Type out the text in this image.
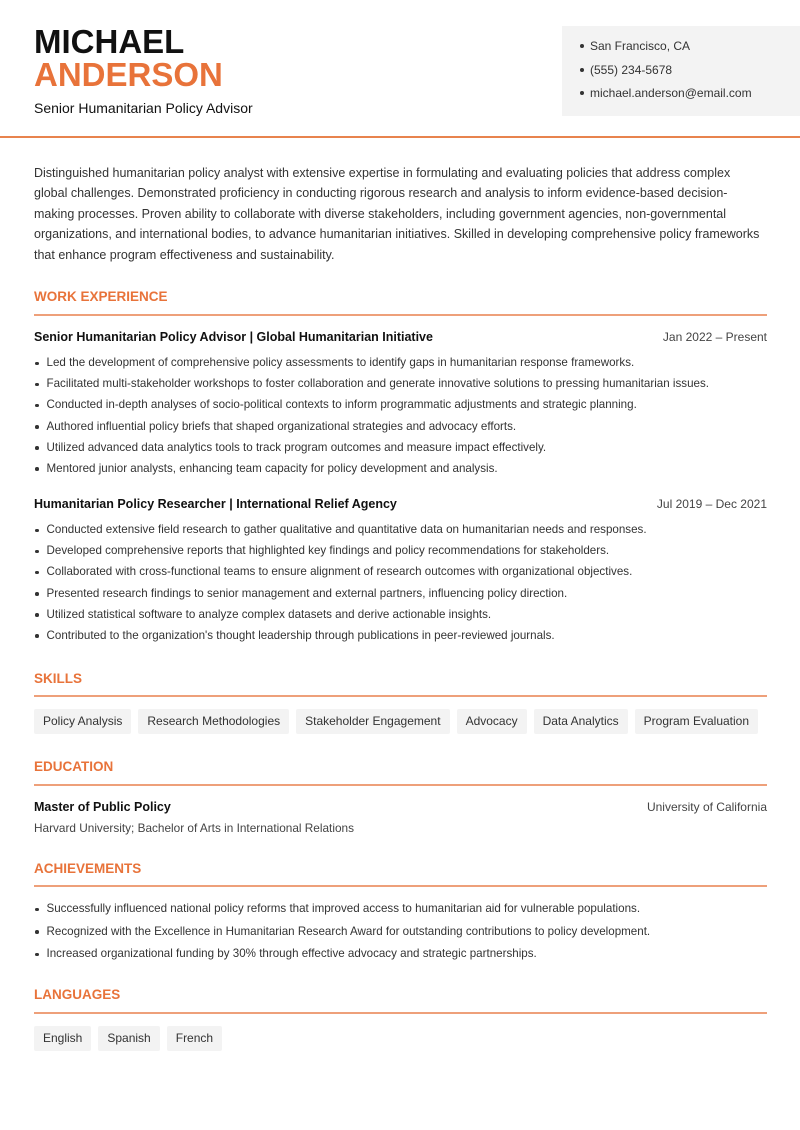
MICHAEL
ANDERSON
Senior Humanitarian Policy Advisor
San Francisco, CA
(555) 234-5678
michael.anderson@email.com

Distinguished humanitarian policy analyst with extensive expertise in formulating and evaluating policies that address complex global challenges. Demonstrated proficiency in conducting rigorous research and analysis to inform evidence-based decision-making processes. Proven ability to collaborate with diverse stakeholders, including government agencies, non-governmental organizations, and international bodies, to advance humanitarian initiatives. Skilled in developing comprehensive policy frameworks that enhance program effectiveness and sustainability.

WORK EXPERIENCE
Senior Humanitarian Policy Advisor | Global Humanitarian Initiative	Jan 2022 – Present
Led the development of comprehensive policy assessments to identify gaps in humanitarian response frameworks.
Facilitated multi-stakeholder workshops to foster collaboration and generate innovative solutions to pressing humanitarian issues.
Conducted in-depth analyses of socio-political contexts to inform programmatic adjustments and strategic planning.
Authored influential policy briefs that shaped organizational strategies and advocacy efforts.
Utilized advanced data analytics tools to track program outcomes and measure impact effectively.
Mentored junior analysts, enhancing team capacity for policy development and analysis.
Humanitarian Policy Researcher | International Relief Agency	Jul 2019 – Dec 2021
Conducted extensive field research to gather qualitative and quantitative data on humanitarian needs and responses.
Developed comprehensive reports that highlighted key findings and policy recommendations for stakeholders.
Collaborated with cross-functional teams to ensure alignment of research outcomes with organizational objectives.
Presented research findings to senior management and external partners, influencing policy direction.
Utilized statistical software to analyze complex datasets and derive actionable insights.
Contributed to the organization's thought leadership through publications in peer-reviewed journals.
SKILLS
Policy Analysis	Research Methodologies	Stakeholder Engagement	Advocacy	Data Analytics	Program Evaluation
EDUCATION
Master of Public Policy	University of California
Harvard University; Bachelor of Arts in International Relations
ACHIEVEMENTS
Successfully influenced national policy reforms that improved access to humanitarian aid for vulnerable populations.
Recognized with the Excellence in Humanitarian Research Award for outstanding contributions to policy development.
Increased organizational funding by 30% through effective advocacy and strategic partnerships.
LANGUAGES
English	Spanish	French
